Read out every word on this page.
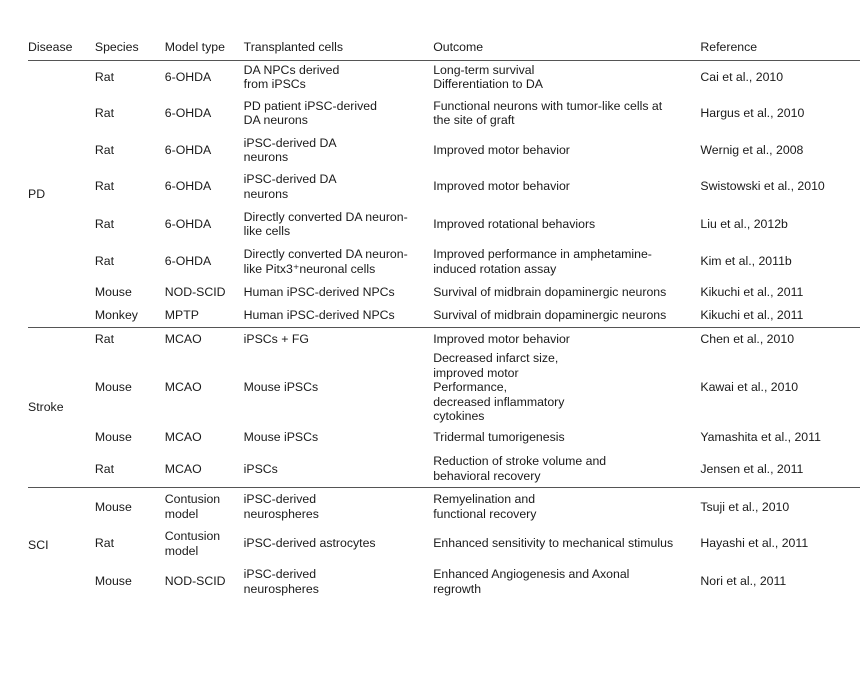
Disease	Species	Model type	Transplanted cells	Outcome	Reference
PD	Rat	6-OHDA	DA NPCs derived
from iPSCs	Long-term survival
Differentiation to DA	Cai et al., 2010
	Rat	6-OHDA	PD patient iPSC-derived
DA neurons	Functional neurons with tumor-like cells at
the site of graft	Hargus et al., 2010
	Rat	6-OHDA	iPSC-derived DA
neurons	Improved motor behavior	Wernig et al., 2008
	Rat	6-OHDA	iPSC-derived DA
neurons	Improved motor behavior	Swistowski et al., 2010
	Rat	6-OHDA	Directly converted DA neuron-
like cells	Improved rotational behaviors	Liu et al., 2012b
	Rat	6-OHDA	Directly converted DA neuron-
like Pitx3⁺neuronal cells	Improved performance in amphetamine-
induced rotation assay	Kim et al., 2011b
	Mouse	NOD-SCID	Human iPSC-derived NPCs	Survival of midbrain dopaminergic neurons	Kikuchi et al., 2011
	Monkey	MPTP	Human iPSC-derived NPCs	Survival of midbrain dopaminergic neurons	Kikuchi et al., 2011
Stroke	Rat	MCAO	iPSCs + FG	Improved motor behavior	Chen et al., 2010
	Mouse	MCAO	Mouse iPSCs	Decreased infarct size,
improved motor
Performance,
decreased inflammatory
cytokines	Kawai et al., 2010
	Mouse	MCAO	Mouse iPSCs	Tridermal tumorigenesis	Yamashita et al., 2011
	Rat	MCAO	iPSCs	Reduction of stroke volume and
behavioral recovery	Jensen et al., 2011
SCI	Mouse	Contusion
model	iPSC-derived
neurospheres	Remyelination and
functional recovery	Tsuji et al., 2010
	Rat	Contusion
model	iPSC-derived astrocytes	Enhanced sensitivity to mechanical stimulus	Hayashi et al., 2011
	Mouse	NOD-SCID	iPSC-derived
neurospheres	Enhanced Angiogenesis and Axonal
regrowth	Nori et al., 2011
